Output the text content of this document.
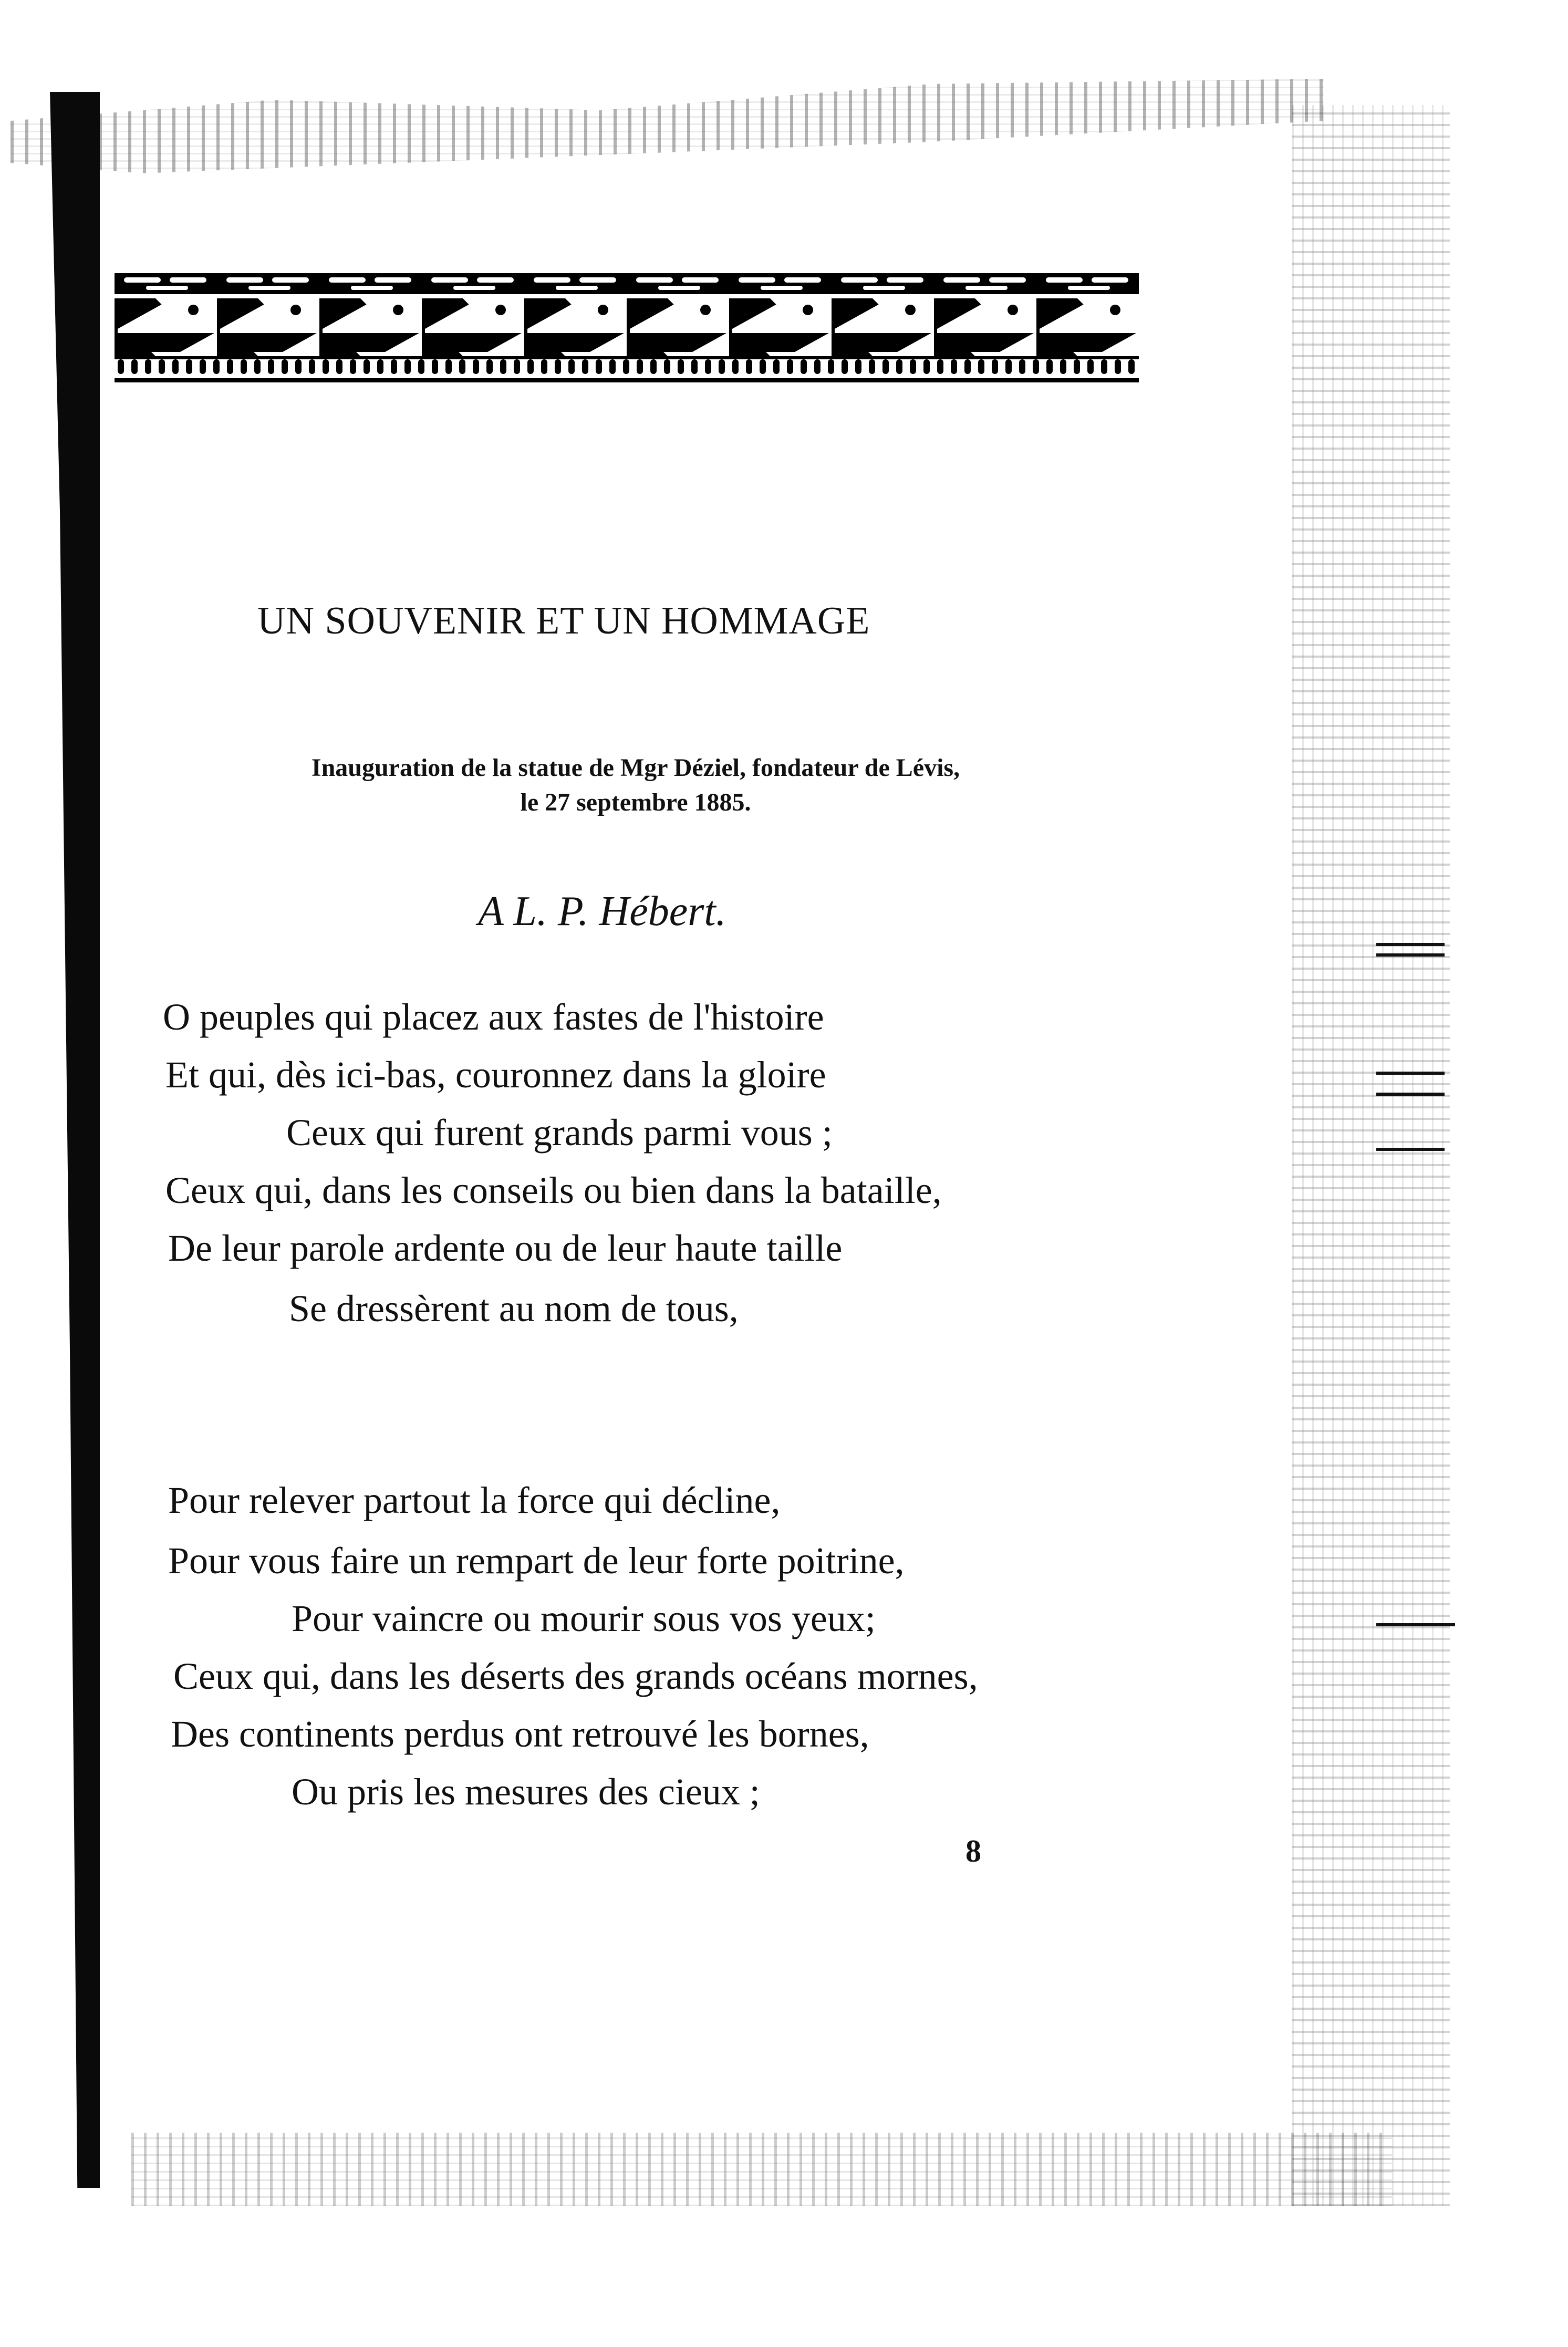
UN SOUVENIR ET UN HOMMAGE
Inauguration de la statue de Mgr Déziel, fondateur de Lévis,
le 27 septembre 1885.
A L. P. Hébert.
O peuples qui placez aux fastes de l'histoire
Et qui, dès ici-bas, couronnez dans la gloire
Ceux qui furent grands parmi vous ;
Ceux qui, dans les conseils ou bien dans la bataille,
De leur parole ardente ou de leur haute taille
Se dressèrent au nom de tous,
Pour relever partout la force qui décline,
Pour vous faire un rempart de leur forte poitrine,
Pour vaincre ou mourir sous vos yeux;
Ceux qui, dans les déserts des grands océans mornes,
Des continents perdus ont retrouvé les bornes,
Ou pris les mesures des cieux ;
8
